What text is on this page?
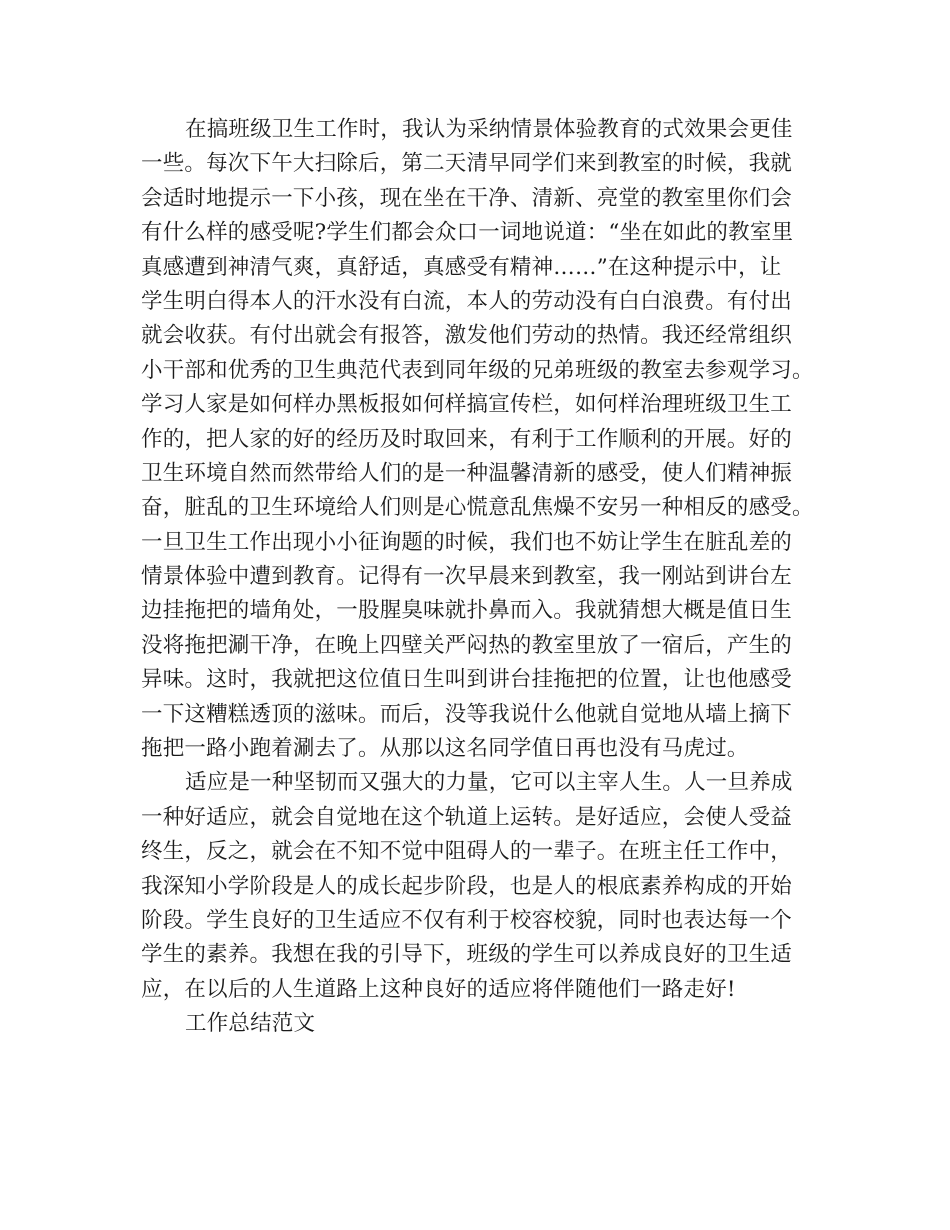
在搞班级卫生工作时，我认为采纳情景体验教育的式效果会更佳
一些。每次下午大扫除后，第二天清早同学们来到教室的时候，我就
会适时地提示一下小孩，现在坐在干净、清新、亮堂的教室里你们会
有什么样的感受呢?学生们都会众口一词地说道：“坐在如此的教室里
真感遭到神清气爽，真舒适，真感受有精神……”在这种提示中，让
学生明白得本人的汗水没有白流，本人的劳动没有白白浪费。有付出
就会收获。有付出就会有报答，激发他们劳动的热情。我还经常组织
小干部和优秀的卫生典范代表到同年级的兄弟班级的教室去参观学习。
学习人家是如何样办黑板报如何样搞宣传栏，如何样治理班级卫生工
作的，把人家的好的经历及时取回来，有利于工作顺利的开展。好的
卫生环境自然而然带给人们的是一种温馨清新的感受，使人们精神振
奋，脏乱的卫生环境给人们则是心慌意乱焦燥不安另一种相反的感受。
一旦卫生工作出现小小征询题的时候，我们也不妨让学生在脏乱差的
情景体验中遭到教育。记得有一次早晨来到教室，我一刚站到讲台左
边挂拖把的墙角处，一股腥臭味就扑鼻而入。我就猜想大概是值日生
没将拖把涮干净，在晚上四壁关严闷热的教室里放了一宿后，产生的
异味。这时，我就把这位值日生叫到讲台挂拖把的位置，让也他感受
一下这糟糕透顶的滋味。而后，没等我说什么他就自觉地从墙上摘下
拖把一路小跑着涮去了。从那以这名同学值日再也没有马虎过。
适应是一种坚韧而又强大的力量，它可以主宰人生。人一旦养成
一种好适应，就会自觉地在这个轨道上运转。是好适应，会使人受益
终生，反之，就会在不知不觉中阻碍人的一辈子。在班主任工作中，
我深知小学阶段是人的成长起步阶段，也是人的根底素养构成的开始
阶段。学生良好的卫生适应不仅有利于校容校貌，同时也表达每一个
学生的素养。我想在我的引导下，班级的学生可以养成良好的卫生适
应，在以后的人生道路上这种良好的适应将伴随他们一路走好!
工作总结范文
